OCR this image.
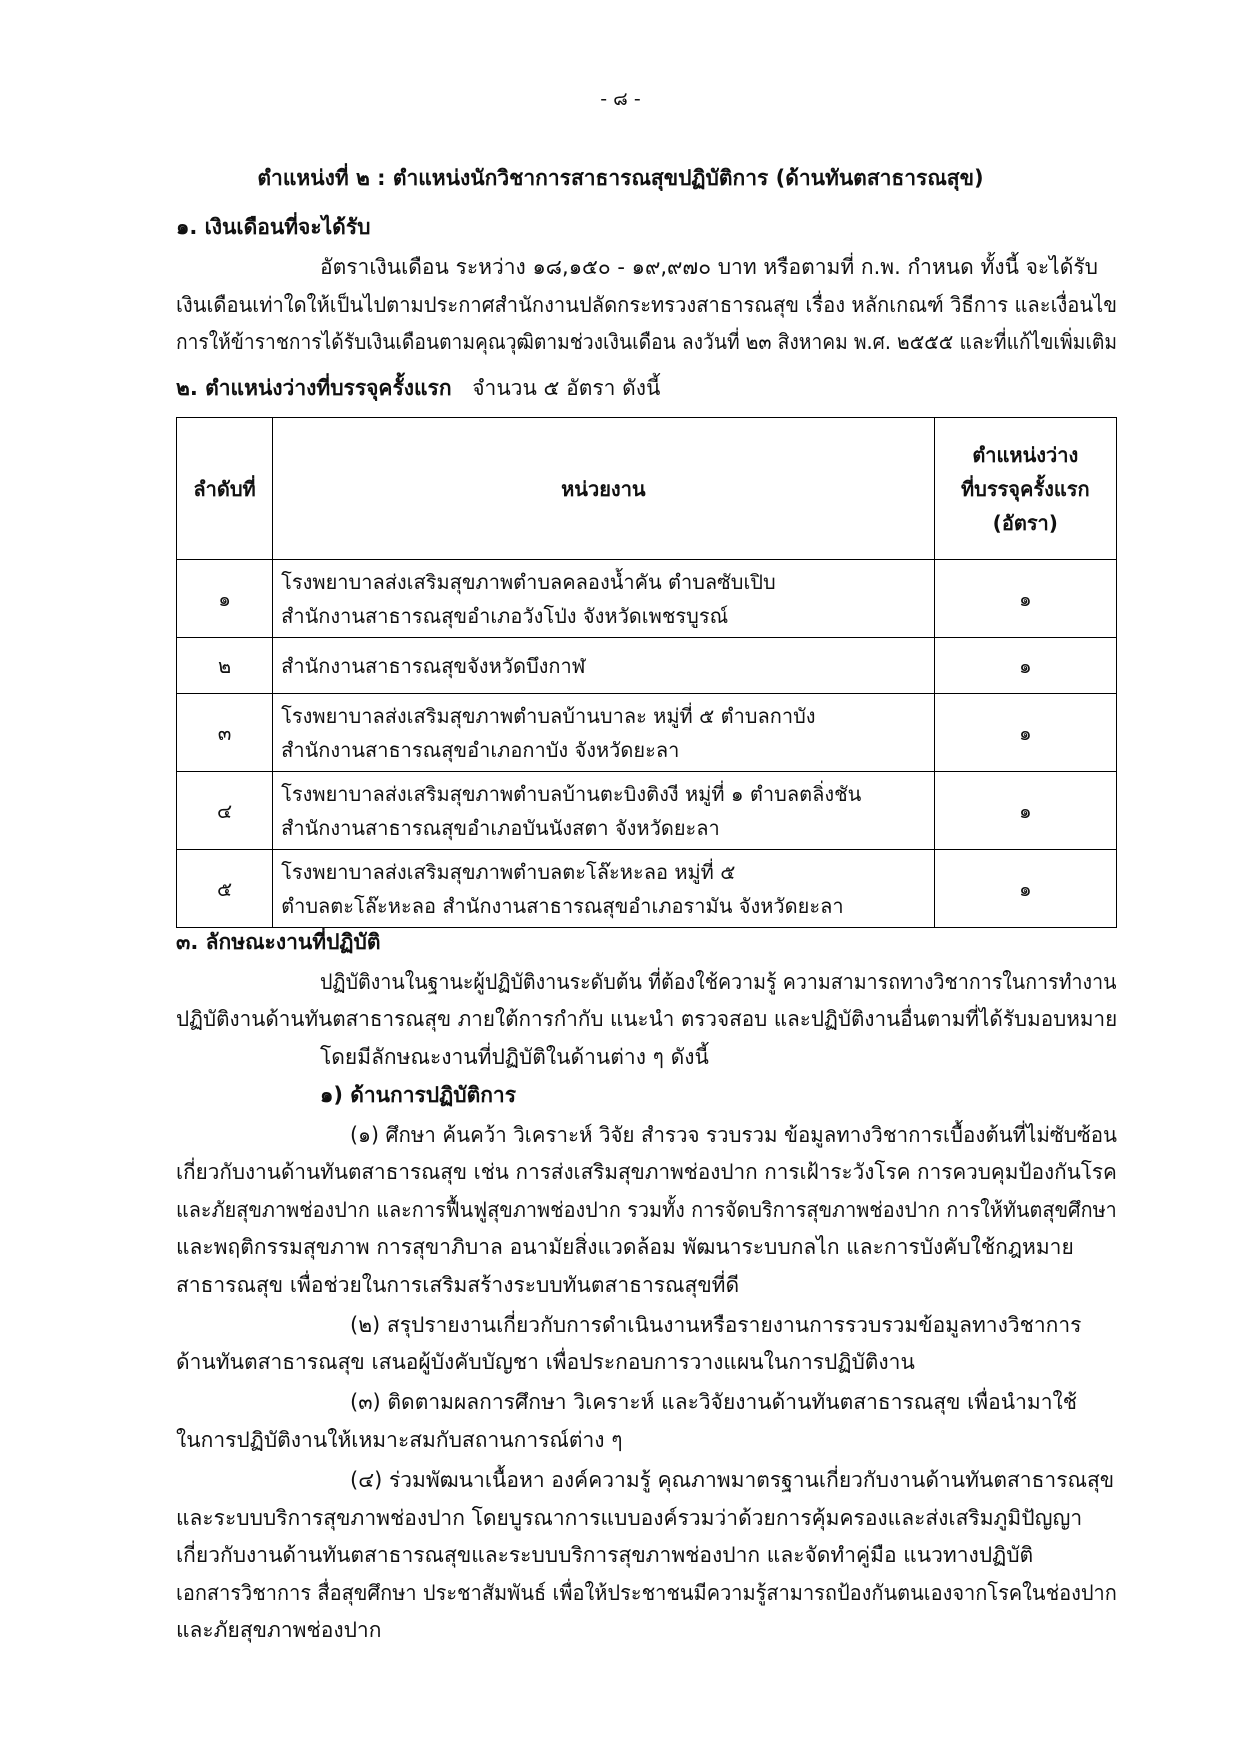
- ๘ -
ตำแหน่งที่ ๒ : ตำแหน่งนักวิชาการสาธารณสุขปฏิบัติการ (ด้านทันตสาธารณสุข)
๑. เงินเดือนที่จะได้รับ
อัตราเงินเดือน ระหว่าง ๑๘,๑๕๐ - ๑๙,๙๗๐ บาท หรือตามที่ ก.พ. กำหนด ทั้งนี้ จะได้รับ
เงินเดือนเท่าใดให้เป็นไปตามประกาศสำนักงานปลัดกระทรวงสาธารณสุข เรื่อง หลักเกณฑ์ วิธีการ และเงื่อนไข
การให้ข้าราชการได้รับเงินเดือนตามคุณวุฒิตามช่วงเงินเดือน ลงวันที่ ๒๓ สิงหาคม พ.ศ. ๒๕๕๕ และที่แก้ไขเพิ่มเติม
๒. ตำแหน่งว่างที่บรรจุครั้งแรก จำนวน ๕ อัตรา ดังนี้
ลำดับที่	หน่วยงาน	ตำแหน่งว่าง
ที่บรรจุครั้งแรก
(อัตรา)

๑	โรงพยาบาลส่งเสริมสุขภาพตำบลคลองน้ำคัน ตำบลซับเปิบ
สำนักงานสาธารณสุขอำเภอวังโป่ง จังหวัดเพชรบูรณ์	๑
๒	สำนักงานสาธารณสุขจังหวัดบึงกาฬ	๑
๓	โรงพยาบาลส่งเสริมสุขภาพตำบลบ้านบาละ หมู่ที่ ๕ ตำบลกาบัง
สำนักงานสาธารณสุขอำเภอกาบัง จังหวัดยะลา	๑
๔	โรงพยาบาลส่งเสริมสุขภาพตำบลบ้านตะบิงติงงี หมู่ที่ ๑ ตำบลตลิ่งชัน
สำนักงานสาธารณสุขอำเภอบันนังสตา จังหวัดยะลา	๑
๕	โรงพยาบาลส่งเสริมสุขภาพตำบลตะโล๊ะหะลอ หมู่ที่ ๕
ตำบลตะโล๊ะหะลอ สำนักงานสาธารณสุขอำเภอรามัน จังหวัดยะลา	๑
๓. ลักษณะงานที่ปฏิบัติ
ปฏิบัติงานในฐานะผู้ปฏิบัติงานระดับต้น ที่ต้องใช้ความรู้ ความสามารถทางวิชาการในการทำงาน
ปฏิบัติงานด้านทันตสาธารณสุข ภายใต้การกำกับ แนะนำ ตรวจสอบ และปฏิบัติงานอื่นตามที่ได้รับมอบหมาย
โดยมีลักษณะงานที่ปฏิบัติในด้านต่าง ๆ ดังนี้
๑) ด้านการปฏิบัติการ
(๑) ศึกษา ค้นคว้า วิเคราะห์ วิจัย สำรวจ รวบรวม ข้อมูลทางวิชาการเบื้องต้นที่ไม่ซับซ้อน
เกี่ยวกับงานด้านทันตสาธารณสุข เช่น การส่งเสริมสุขภาพช่องปาก การเฝ้าระวังโรค การควบคุมป้องกันโรค
และภัยสุขภาพช่องปาก และการฟื้นฟูสุขภาพช่องปาก รวมทั้ง การจัดบริการสุขภาพช่องปาก การให้ทันตสุขศึกษา
และพฤติกรรมสุขภาพ การสุขาภิบาล อนามัยสิ่งแวดล้อม พัฒนาระบบกลไก และการบังคับใช้กฎหมาย
สาธารณสุข เพื่อช่วยในการเสริมสร้างระบบทันตสาธารณสุขที่ดี
(๒) สรุปรายงานเกี่ยวกับการดำเนินงานหรือรายงานการรวบรวมข้อมูลทางวิชาการ
ด้านทันตสาธารณสุข เสนอผู้บังคับบัญชา เพื่อประกอบการวางแผนในการปฏิบัติงาน
(๓) ติดตามผลการศึกษา วิเคราะห์ และวิจัยงานด้านทันตสาธารณสุข เพื่อนำมาใช้
ในการปฏิบัติงานให้เหมาะสมกับสถานการณ์ต่าง ๆ
(๔) ร่วมพัฒนาเนื้อหา องค์ความรู้ คุณภาพมาตรฐานเกี่ยวกับงานด้านทันตสาธารณสุข
และระบบบริการสุขภาพช่องปาก โดยบูรณาการแบบองค์รวมว่าด้วยการคุ้มครองและส่งเสริมภูมิปัญญา
เกี่ยวกับงานด้านทันตสาธารณสุขและระบบบริการสุขภาพช่องปาก และจัดทำคู่มือ แนวทางปฏิบัติ
เอกสารวิชาการ สื่อสุขศึกษา ประชาสัมพันธ์ เพื่อให้ประชาชนมีความรู้สามารถป้องกันตนเองจากโรคในช่องปาก
และภัยสุขภาพช่องปาก
